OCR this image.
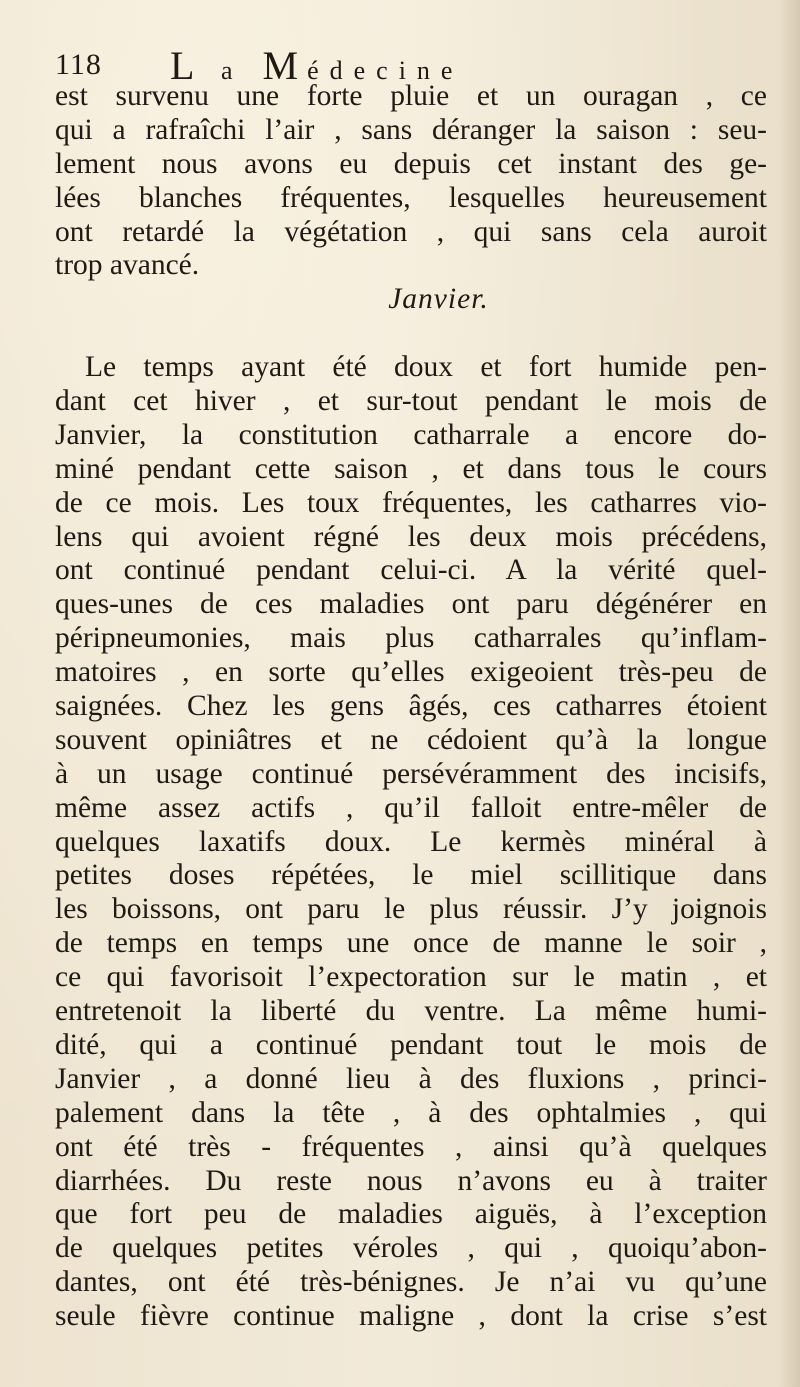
118 L a Médecine
est survenu une forte pluie et un ouragan , ce
qui a rafraîchi l’air , sans déranger la saison : seu-
lement nous avons eu depuis cet instant des ge-
lées blanches fréquentes, lesquelles heureusement
ont retardé la végétation , qui sans cela auroit
trop avancé.
Janvier.
Le temps ayant été doux et fort humide pen-
dant cet hiver , et sur-tout pendant le mois de
Janvier, la constitution catharrale a encore do-
miné pendant cette saison , et dans tous le cours
de ce mois. Les toux fréquentes, les catharres vio-
lens qui avoient régné les deux mois précédens,
ont continué pendant celui-ci. A la vérité quel-
ques-unes de ces maladies ont paru dégénérer en
péripneumonies, mais plus catharrales qu’inflam-
matoires , en sorte qu’elles exigeoient très-peu de
saignées. Chez les gens âgés, ces catharres étoient
souvent opiniâtres et ne cédoient qu’à la longue
à un usage continué persévéramment des incisifs,
même assez actifs , qu’il falloit entre-mêler de
quelques laxatifs doux. Le kermès minéral à
petites doses répétées, le miel scillitique dans
les boissons, ont paru le plus réussir. J’y joignois
de temps en temps une once de manne le soir ,
ce qui favorisoit l’expectoration sur le matin , et
entretenoit la liberté du ventre. La même humi-
dité, qui a continué pendant tout le mois de
Janvier , a donné lieu à des fluxions , princi-
palement dans la tête , à des ophtalmies , qui
ont été très - fréquentes , ainsi qu’à quelques
diarrhées. Du reste nous n’avons eu à traiter
que fort peu de maladies aiguës, à l’exception
de quelques petites véroles , qui , quoiqu’abon-
dantes, ont été très-bénignes. Je n’ai vu qu’une
seule fièvre continue maligne , dont la crise s’est
